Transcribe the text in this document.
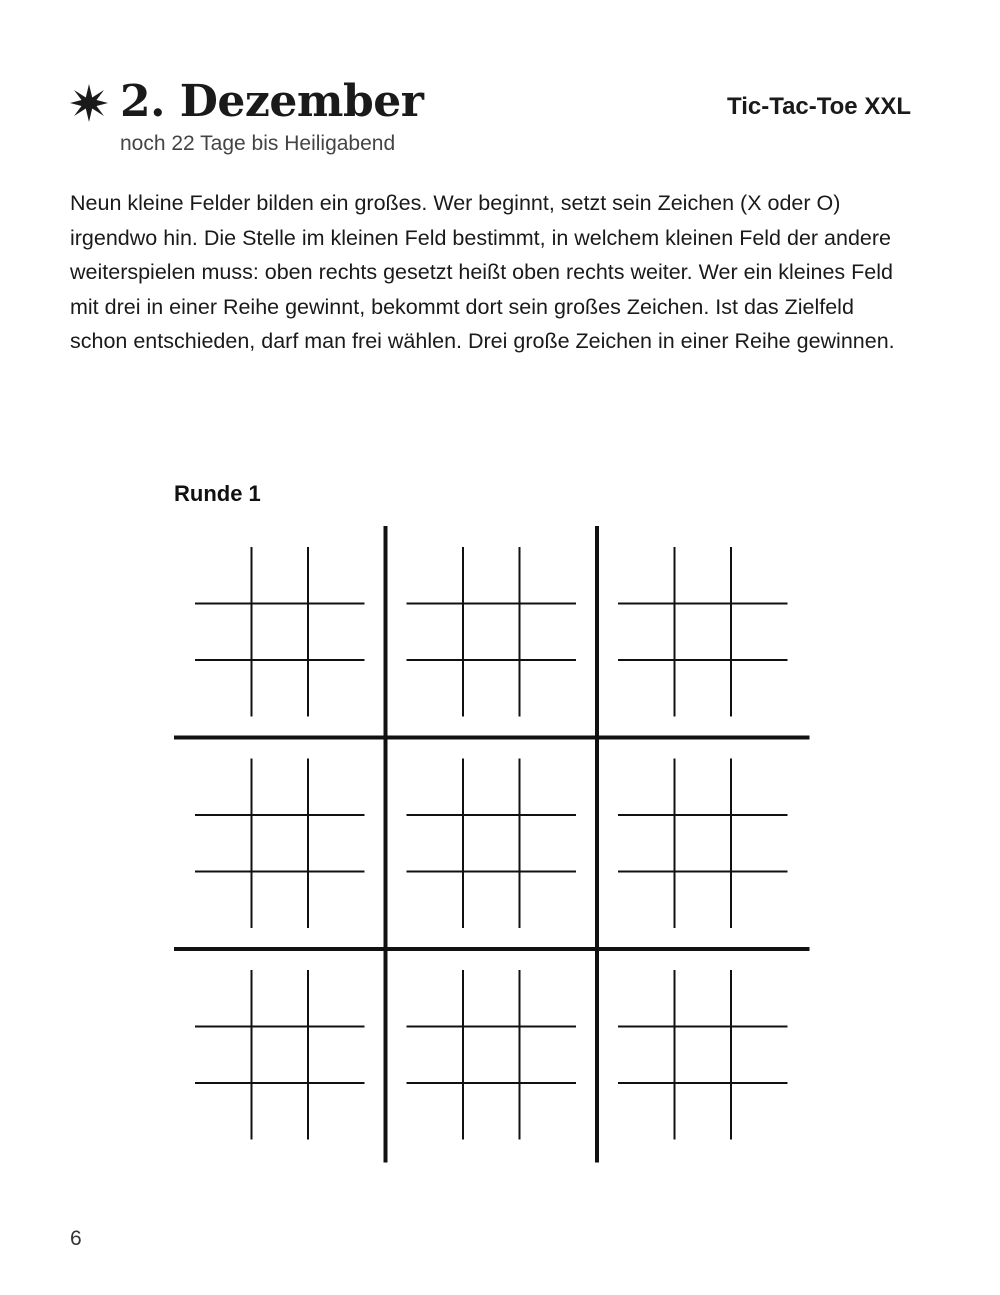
2. Dezember
noch 22 Tage bis Heiligabend
Tic-Tac-Toe XXL

Neun kleine Felder bilden ein großes. Wer beginnt, setzt sein Zeichen (X oder O) irgendwo hin. Die Stelle im kleinen Feld bestimmt, in welchem kleinen Feld der andere weiterspielen muss: oben rechts gesetzt heißt oben rechts weiter. Wer ein kleines Feld mit drei in einer Reihe gewinnt, bekommt dort sein großes Zeichen. Ist das Zielfeld schon entschieden, darf man frei wählen. Drei große Zeichen in einer Reihe gewinnen.

Runde 1
6
